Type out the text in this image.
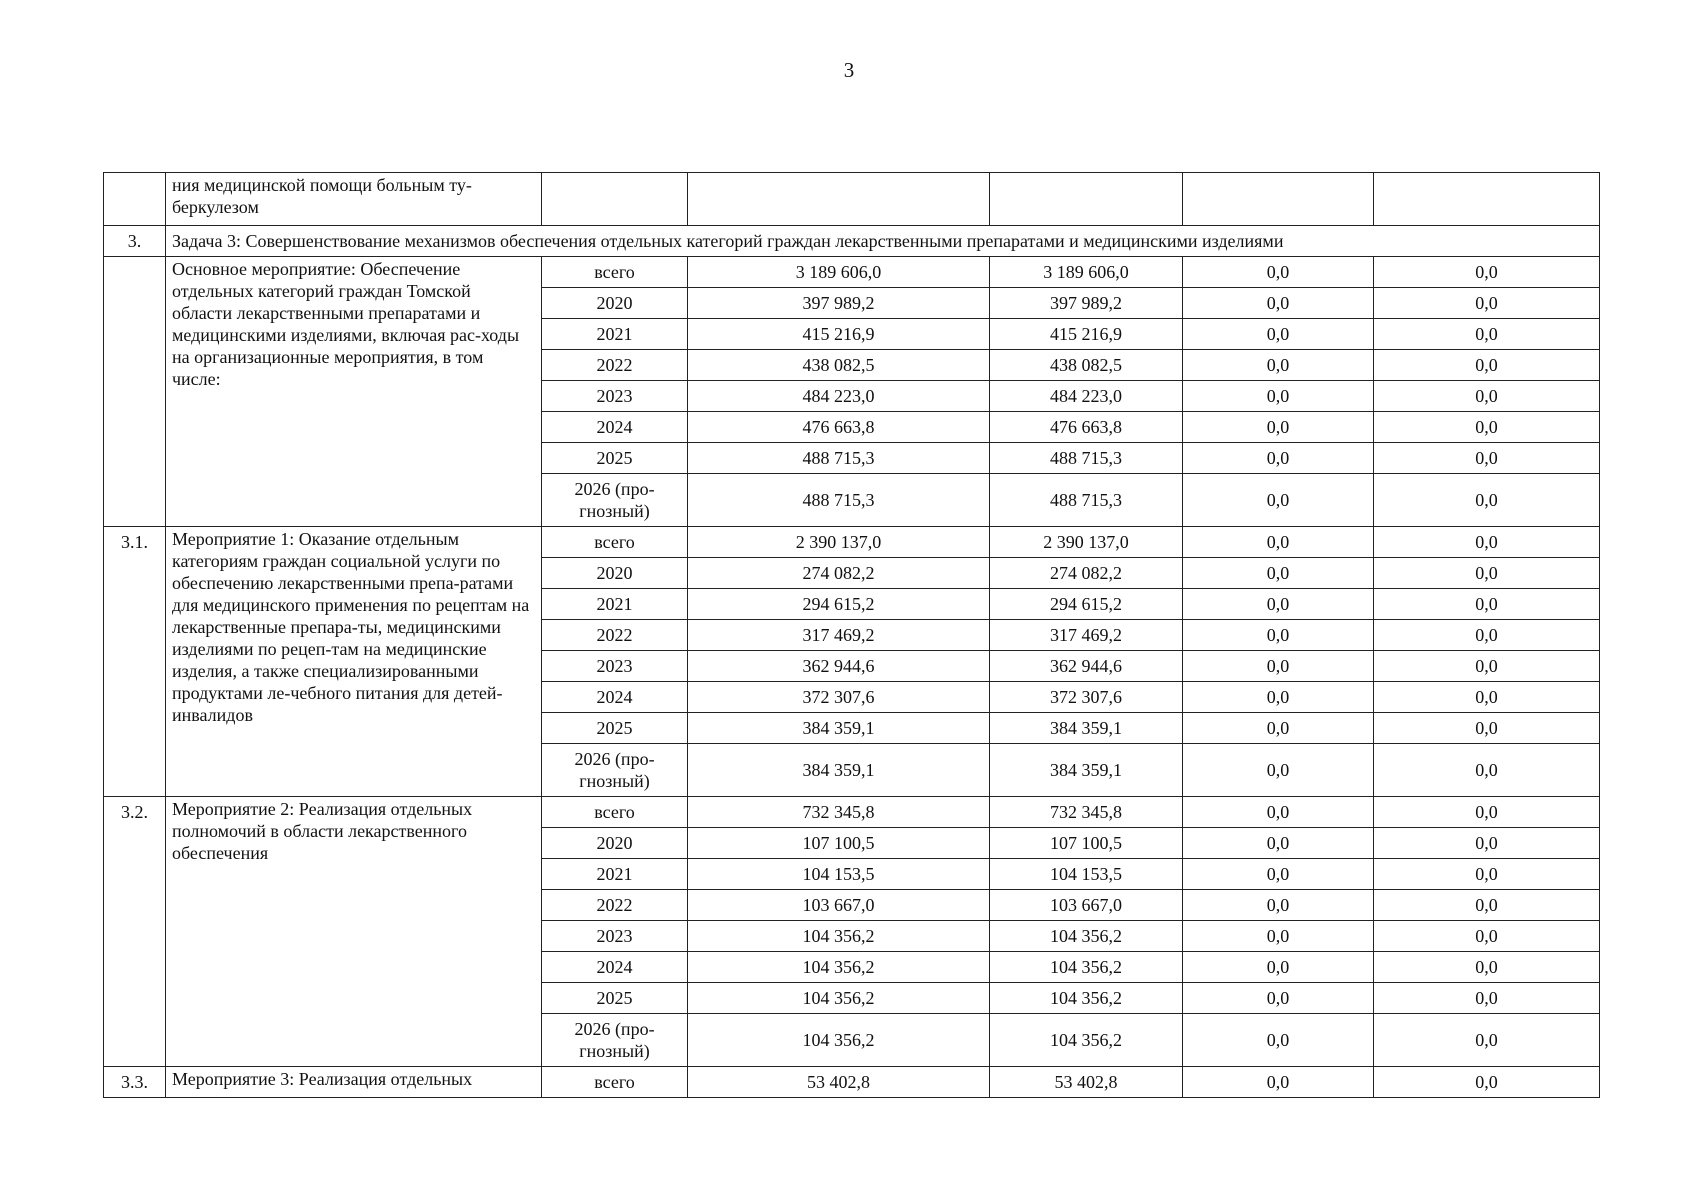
3
	ния медицинской помощи больным ту-
беркулезом					
3.	Задача 3: Совершенствование механизмов обеспечения отдельных категорий граждан лекарственными препаратами и медицинскими изделиями					
	Основное мероприятие: Обеспечение отдельных категорий граждан Томской области лекарственными препаратами и медицинскими изделиями, включая рас-ходы на организационные мероприятия, в том числе:	всего	3 189 606,0	3 189 606,0	0,0	0,0
		2020	397 989,2	397 989,2	0,0	0,0
		2021	415 216,9	415 216,9	0,0	0,0
		2022	438 082,5	438 082,5	0,0	0,0
		2023	484 223,0	484 223,0	0,0	0,0
		2024	476 663,8	476 663,8	0,0	0,0
		2025	488 715,3	488 715,3	0,0	0,0
		2026 (про-
гнозный)	488 715,3	488 715,3	0,0	0,0
3.1.	Мероприятие 1: Оказание отдельным категориям граждан социальной услуги по обеспечению лекарственными препа-ратами для медицинского применения по рецептам на лекарственные препара-ты, медицинскими изделиями по рецеп-там на медицинские изделия, а также специализированными продуктами ле-чебного питания для детей-инвалидов	всего	2 390 137,0	2 390 137,0	0,0	0,0
		2020	274 082,2	274 082,2	0,0	0,0
		2021	294 615,2	294 615,2	0,0	0,0
		2022	317 469,2	317 469,2	0,0	0,0
		2023	362 944,6	362 944,6	0,0	0,0
		2024	372 307,6	372 307,6	0,0	0,0
		2025	384 359,1	384 359,1	0,0	0,0
		2026 (про-
гнозный)	384 359,1	384 359,1	0,0	0,0
3.2.	Мероприятие 2: Реализация отдельных полномочий в области лекарственного обеспечения	всего	732 345,8	732 345,8	0,0	0,0
		2020	107 100,5	107 100,5	0,0	0,0
		2021	104 153,5	104 153,5	0,0	0,0
		2022	103 667,0	103 667,0	0,0	0,0
		2023	104 356,2	104 356,2	0,0	0,0
		2024	104 356,2	104 356,2	0,0	0,0
		2025	104 356,2	104 356,2	0,0	0,0
		2026 (про-
гнозный)	104 356,2	104 356,2	0,0	0,0
3.3.	Мероприятие 3: Реализация отдельных	всего	53 402,8	53 402,8	0,0	0,0
